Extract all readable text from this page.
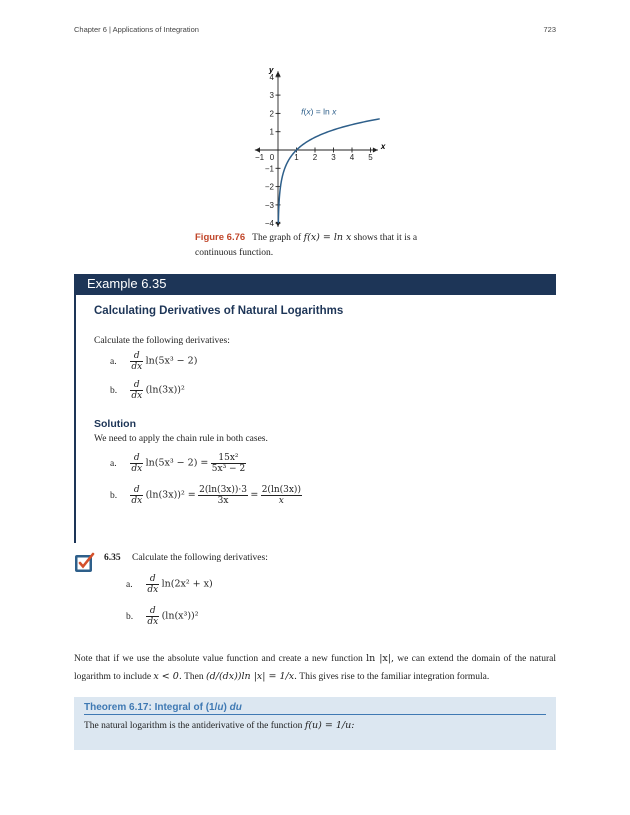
Chapter 6 | Applications of Integration	723
−1 0	1 2 3 4 5
4
3
2
1
−1
−2
−3
−4
x
y
f(x) = ln x
Figure 6.76 The graph of f(x) = ln x shows that it is a
continuous function.
Example 6.35
Calculating Derivatives of Natural Logarithms
Calculate the following derivatives:
a. $\frac{d}{dx} \ln(5x^3 - 2)$
b. $\frac{d}{dx} (\ln(3x))^2$
Solution
We need to apply the chain rule in both cases.
a. $\frac{d}{dx} \ln(5x^3 - 2) = \frac{\text{15x²}}{\text{5x³ − 2}}$
b. $\frac{d}{dx} (\ln(3x))^2 = \frac{2(\ln(3x))\cdot 3}{3x} = \frac{2(\ln(3x))}{x}$
6.35 Calculate the following derivatives:
a. $\frac{d}{dx} \ln(2x^2 + x)$
b. $\frac{d}{dx} (\ln(x^3))^2$
Note that if we use the absolute value function and create a new function ln |x|, we can extend the domain of the natural logarithm to include x < 0. Then (d/(dx))ln |x| = 1/x. This gives rise to the familiar integration formula.
Theorem 6.17: Integral of (1/u) du
The natural logarithm is the antiderivative of the function f(u) = 1/u:
